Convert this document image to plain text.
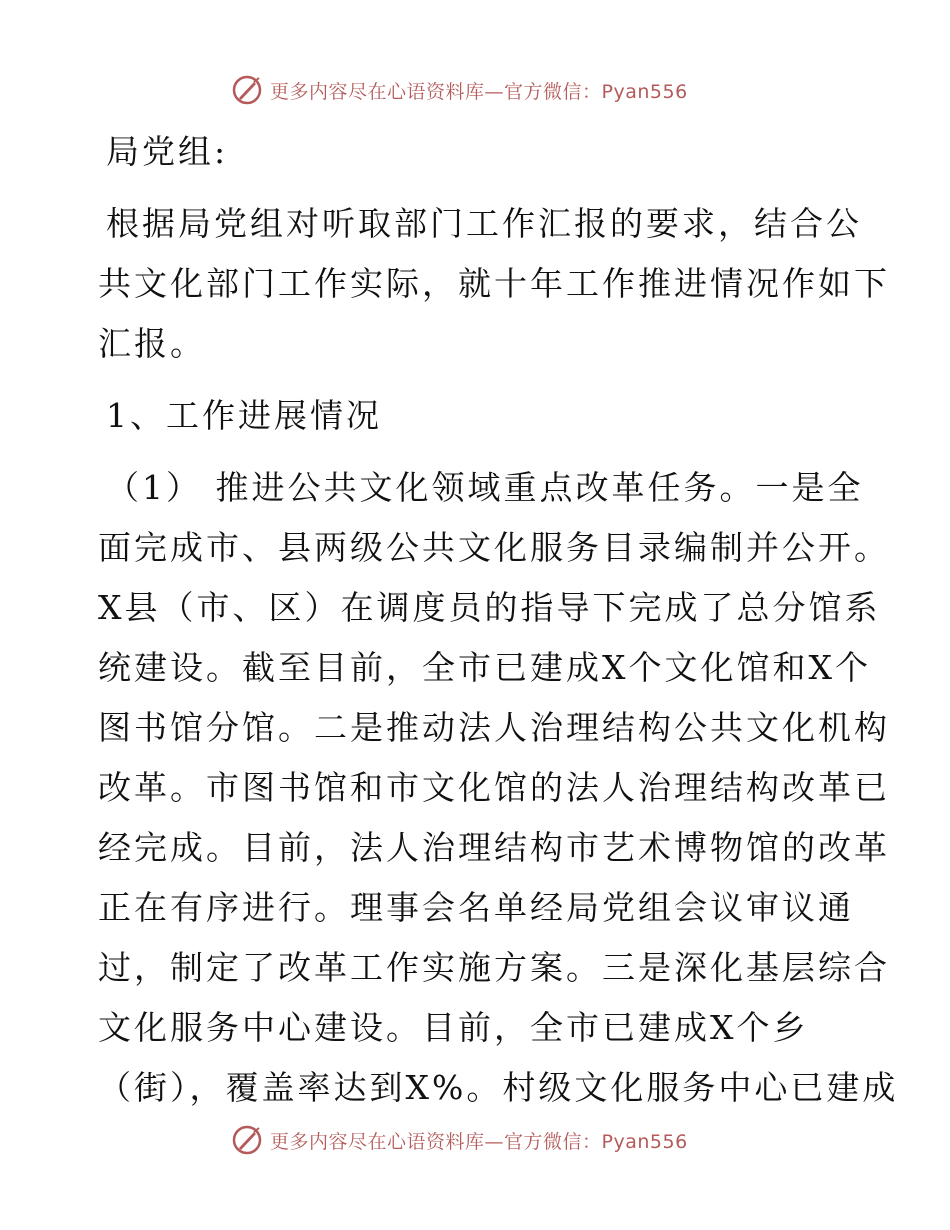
更多内容尽在心语资料库—官方微信：Pyan556
局党组:
根据局党组对听取部门工作汇报的要求，结合公
共文化部门工作实际，就十年工作推进情况作如下
汇报。
1、工作进展情况
（1） 推进公共文化领域重点改革任务。一是全
面完成市、县两级公共文化服务目录编制并公开。
X县（市、区）在调度员的指导下完成了总分馆系
统建设。截至目前，全市已建成X个文化馆和X个
图书馆分馆。二是推动法人治理结构公共文化机构
改革。市图书馆和市文化馆的法人治理结构改革已
经完成。目前，法人治理结构市艺术博物馆的改革
正在有序进行。理事会名单经局党组会议审议通
过，制定了改革工作实施方案。三是深化基层综合
文化服务中心建设。目前，全市已建成X个乡
（街），覆盖率达到X%。村级文化服务中心已建成
更多内容尽在心语资料库—官方微信：Pyan556
